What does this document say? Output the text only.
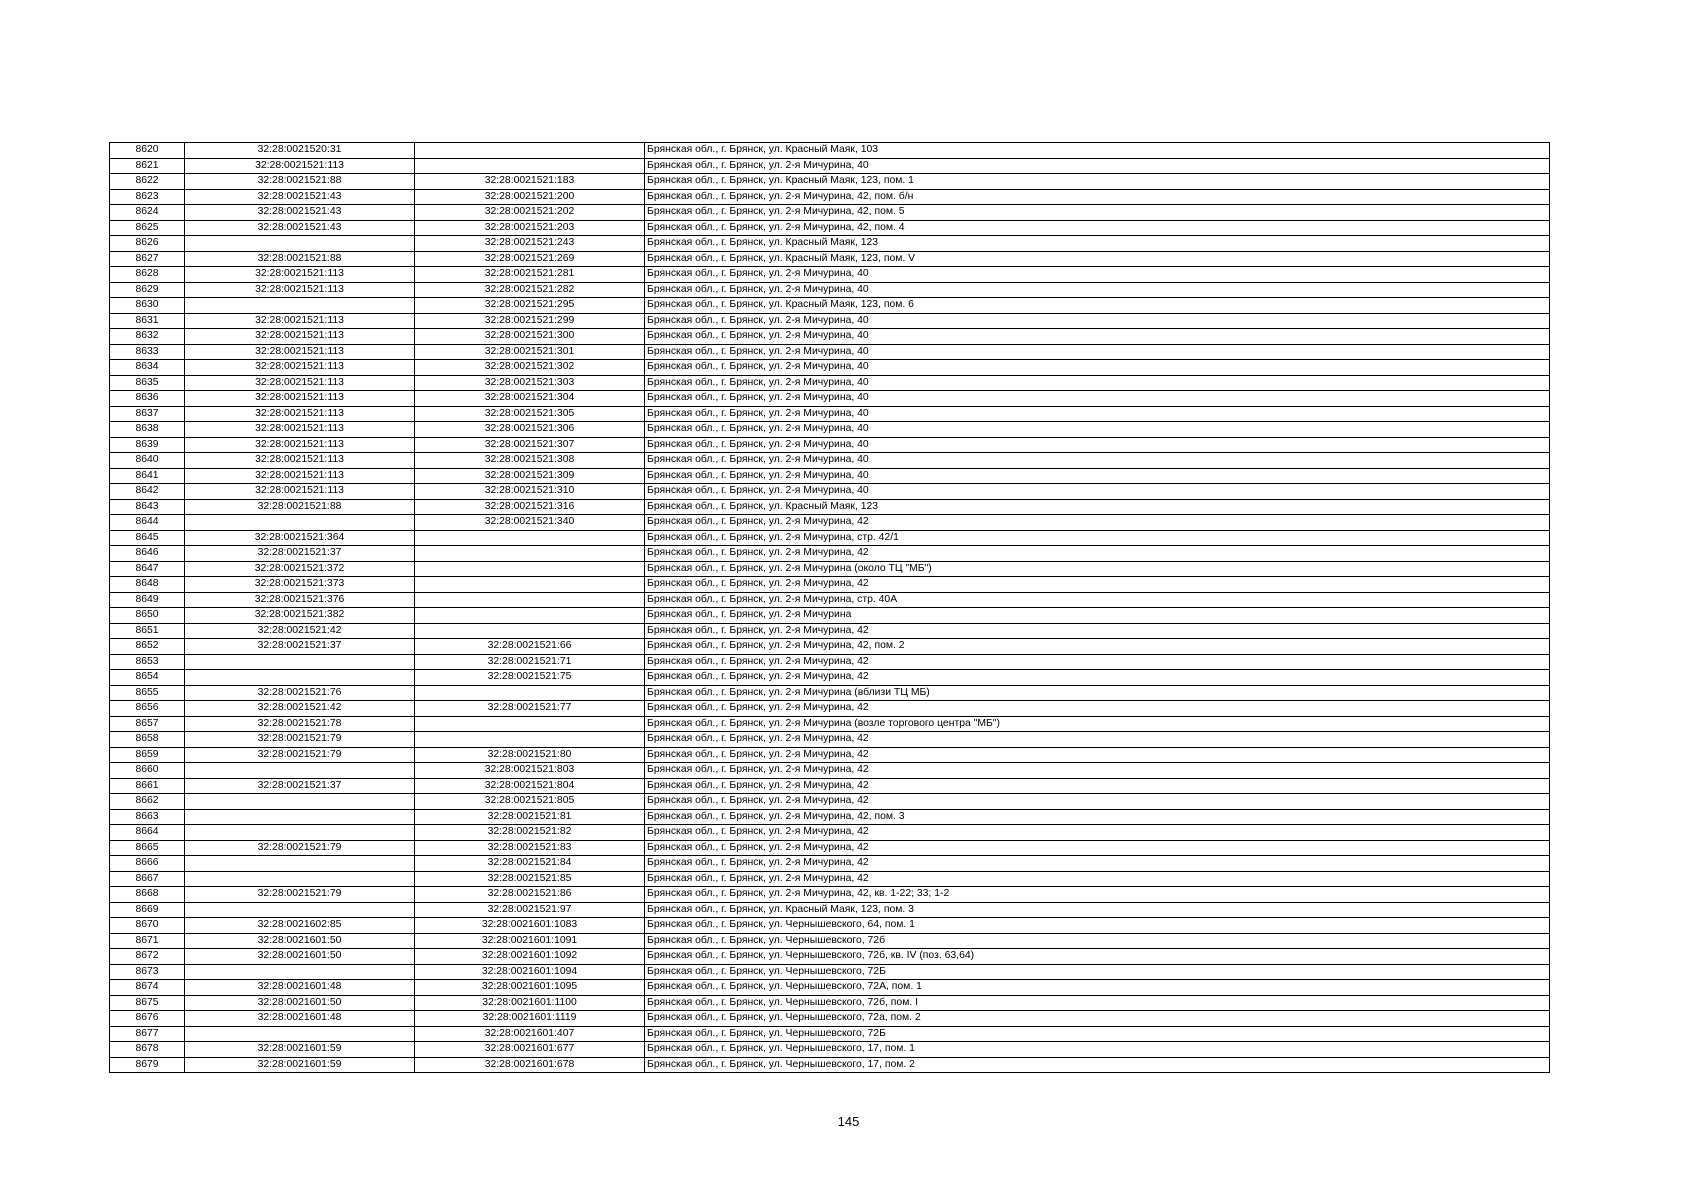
8620	32:28:0021520:31		Брянская обл., г. Брянск, ул. Красный Маяк, 103
8621	32:28:0021521:113		Брянская обл., г. Брянск, ул. 2-я Мичурина, 40
8622	32:28:0021521:88	32:28:0021521:183	Брянская обл., г. Брянск, ул. Красный Маяк, 123, пом. 1
8623	32:28:0021521:43	32:28:0021521:200	Брянская обл., г. Брянск, ул. 2-я Мичурина, 42, пом. б/н
8624	32:28:0021521:43	32:28:0021521:202	Брянская обл., г. Брянск, ул. 2-я Мичурина, 42, пом. 5
8625	32:28:0021521:43	32:28:0021521:203	Брянская обл., г. Брянск, ул. 2-я Мичурина, 42, пом. 4
8626		32:28:0021521:243	Брянская обл., г. Брянск, ул. Красный Маяк, 123
8627	32:28:0021521:88	32:28:0021521:269	Брянская обл., г. Брянск, ул. Красный Маяк, 123, пом. V
8628	32:28:0021521:113	32:28:0021521:281	Брянская обл., г. Брянск, ул. 2-я Мичурина, 40
8629	32:28:0021521:113	32:28:0021521:282	Брянская обл., г. Брянск, ул. 2-я Мичурина, 40
8630		32:28:0021521:295	Брянская обл., г. Брянск, ул. Красный Маяк, 123, пом. 6
8631	32:28:0021521:113	32:28:0021521:299	Брянская обл., г. Брянск, ул. 2-я Мичурина, 40
8632	32:28:0021521:113	32:28:0021521:300	Брянская обл., г. Брянск, ул. 2-я Мичурина, 40
8633	32:28:0021521:113	32:28:0021521:301	Брянская обл., г. Брянск, ул. 2-я Мичурина, 40
8634	32:28:0021521:113	32:28:0021521:302	Брянская обл., г. Брянск, ул. 2-я Мичурина, 40
8635	32:28:0021521:113	32:28:0021521:303	Брянская обл., г. Брянск, ул. 2-я Мичурина, 40
8636	32:28:0021521:113	32:28:0021521:304	Брянская обл., г. Брянск, ул. 2-я Мичурина, 40
8637	32:28:0021521:113	32:28:0021521:305	Брянская обл., г. Брянск, ул. 2-я Мичурина, 40
8638	32:28:0021521:113	32:28:0021521:306	Брянская обл., г. Брянск, ул. 2-я Мичурина, 40
8639	32:28:0021521:113	32:28:0021521:307	Брянская обл., г. Брянск, ул. 2-я Мичурина, 40
8640	32:28:0021521:113	32:28:0021521:308	Брянская обл., г. Брянск, ул. 2-я Мичурина, 40
8641	32:28:0021521:113	32:28:0021521:309	Брянская обл., г. Брянск, ул. 2-я Мичурина, 40
8642	32:28:0021521:113	32:28:0021521:310	Брянская обл., г. Брянск, ул. 2-я Мичурина, 40
8643	32:28:0021521:88	32:28:0021521:316	Брянская обл., г. Брянск, ул. Красный Маяк, 123
8644		32:28:0021521:340	Брянская обл., г. Брянск, ул. 2-я Мичурина, 42
8645	32:28:0021521:364		Брянская обл., г. Брянск, ул. 2-я Мичурина, стр. 42/1
8646	32:28:0021521:37		Брянская обл., г. Брянск, ул. 2-я Мичурина, 42
8647	32:28:0021521:372		Брянская обл., г. Брянск, ул. 2-я Мичурина (около ТЦ "МБ")
8648	32:28:0021521:373		Брянская обл., г. Брянск, ул. 2-я Мичурина, 42
8649	32:28:0021521:376		Брянская обл., г. Брянск, ул. 2-я Мичурина, стр. 40А
8650	32:28:0021521:382		Брянская обл., г. Брянск, ул. 2-я Мичурина
8651	32:28:0021521:42		Брянская обл., г. Брянск, ул. 2-я Мичурина, 42
8652	32:28:0021521:37	32:28:0021521:66	Брянская обл., г. Брянск, ул. 2-я Мичурина, 42, пом. 2
8653		32:28:0021521:71	Брянская обл., г. Брянск, ул. 2-я Мичурина, 42
8654		32:28:0021521:75	Брянская обл., г. Брянск, ул. 2-я Мичурина, 42
8655	32:28:0021521:76		Брянская обл., г. Брянск, ул. 2-я Мичурина (вблизи ТЦ МБ)
8656	32:28:0021521:42	32:28:0021521:77	Брянская обл., г. Брянск, ул. 2-я Мичурина, 42
8657	32:28:0021521:78		Брянская обл., г. Брянск, ул. 2-я Мичурина (возле торгового центра "МБ")
8658	32:28:0021521:79		Брянская обл., г. Брянск, ул. 2-я Мичурина, 42
8659	32:28:0021521:79	32:28:0021521:80	Брянская обл., г. Брянск, ул. 2-я Мичурина, 42
8660		32:28:0021521:803	Брянская обл., г. Брянск, ул. 2-я Мичурина, 42
8661	32:28:0021521:37	32:28:0021521:804	Брянская обл., г. Брянск, ул. 2-я Мичурина, 42
8662		32:28:0021521:805	Брянская обл., г. Брянск, ул. 2-я Мичурина, 42
8663		32:28:0021521:81	Брянская обл., г. Брянск, ул. 2-я Мичурина, 42, пом. 3
8664		32:28:0021521:82	Брянская обл., г. Брянск, ул. 2-я Мичурина, 42
8665	32:28:0021521:79	32:28:0021521:83	Брянская обл., г. Брянск, ул. 2-я Мичурина, 42
8666		32:28:0021521:84	Брянская обл., г. Брянск, ул. 2-я Мичурина, 42
8667		32:28:0021521:85	Брянская обл., г. Брянск, ул. 2-я Мичурина, 42
8668	32:28:0021521:79	32:28:0021521:86	Брянская обл., г. Брянск, ул. 2-я Мичурина, 42, кв. 1-22; 33; 1-2
8669		32:28:0021521:97	Брянская обл., г. Брянск, ул. Красный Маяк, 123, пом. 3
8670	32:28:0021602:85	32:28:0021601:1083	Брянская обл., г. Брянск, ул. Чернышевского, 64, пом. 1
8671	32:28:0021601:50	32:28:0021601:1091	Брянская обл., г. Брянск, ул. Чернышевского, 72б
8672	32:28:0021601:50	32:28:0021601:1092	Брянская обл., г. Брянск, ул. Чернышевского, 72б, кв. IV (поз. 63,64)
8673		32:28:0021601:1094	Брянская обл., г. Брянск, ул. Чернышевского, 72Б
8674	32:28:0021601:48	32:28:0021601:1095	Брянская обл., г. Брянск, ул. Чернышевского, 72А, пом. 1
8675	32:28:0021601:50	32:28:0021601:1100	Брянская обл., г. Брянск, ул. Чернышевского, 72б, пом. I
8676	32:28:0021601:48	32:28:0021601:1119	Брянская обл., г. Брянск, ул. Чернышевского, 72а, пом. 2
8677		32:28:0021601:407	Брянская обл., г. Брянск, ул. Чернышевского, 72Б
8678	32:28:0021601:59	32:28:0021601:677	Брянская обл., г. Брянск, ул. Чернышевского, 17, пом. 1
8679	32:28:0021601:59	32:28:0021601:678	Брянская обл., г. Брянск, ул. Чернышевского, 17, пом. 2
145
